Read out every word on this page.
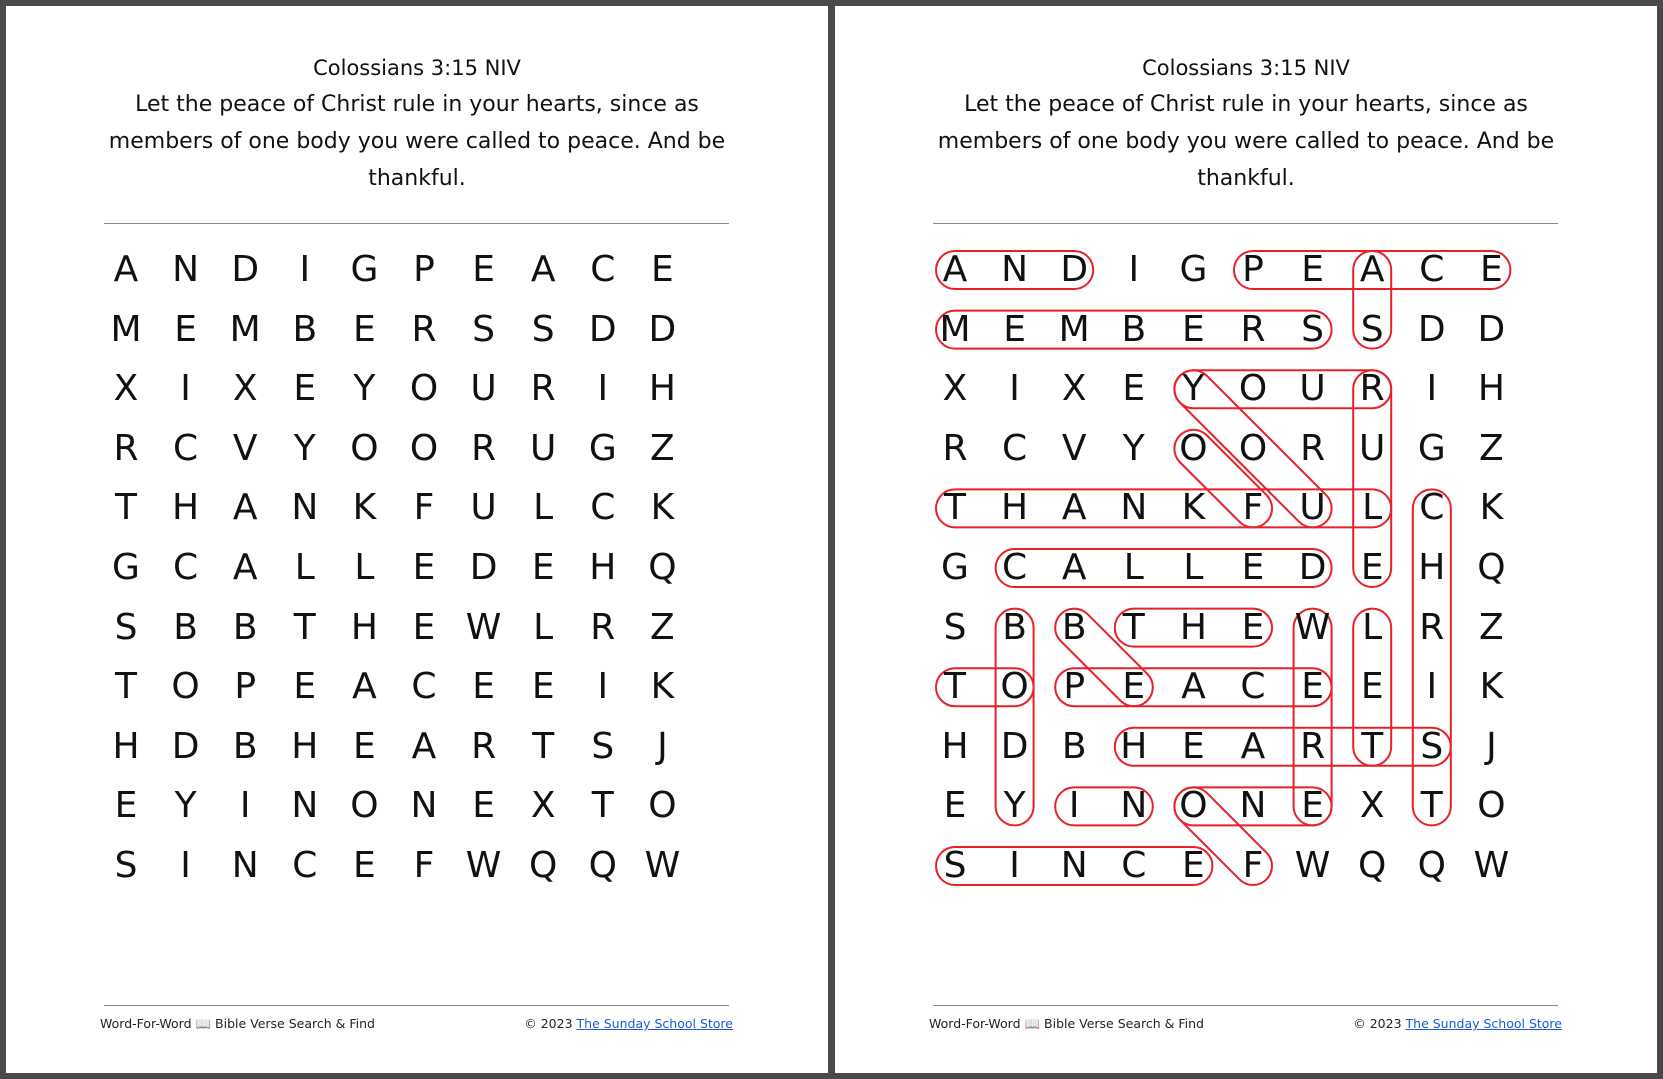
Colossians 3:15 NIV
Let the peace of Christ rule in your hearts, since as
members of one body you were called to peace. And be
thankful.
A N D	I	G P	E A C E
M E M B E R S	S D D
X	I	X E	Y O U R	I	H
R C V	Y O O R U G Z
T H A N K	F	U	L	C K
G C A	L	L	E D E H Q
S B B	T H E W L	R Z
T O P	E A C E	E	I	K
H D B H E A R	T	S	J
E	Y	I	N O N E X	T O
S	I	N C E	F W Q Q W
Word-For-Word 📖 Bible Verse Search & Find	© 2023 The Sunday School Store
Colossians 3:15 NIV
Let the peace of Christ rule in your hearts, since as
members of one body you were called to peace. And be
thankful.
A N D	I	G P	E A C E
M E M B E R S	S D D
X	I	X E	Y O U R	I	H
R C V	Y O O R U G Z
T H A N K	F	U	L	C K
G C A	L	L	E D E H Q
S B B	T H E W L	R Z
T O P	E A C E	E	I	K
H D B H E A R	T	S	J
E	Y	I	N O N E X	T O
S	I	N C E	F W Q Q W
Word-For-Word 📖 Bible Verse Search & Find	© 2023 The Sunday School Store
